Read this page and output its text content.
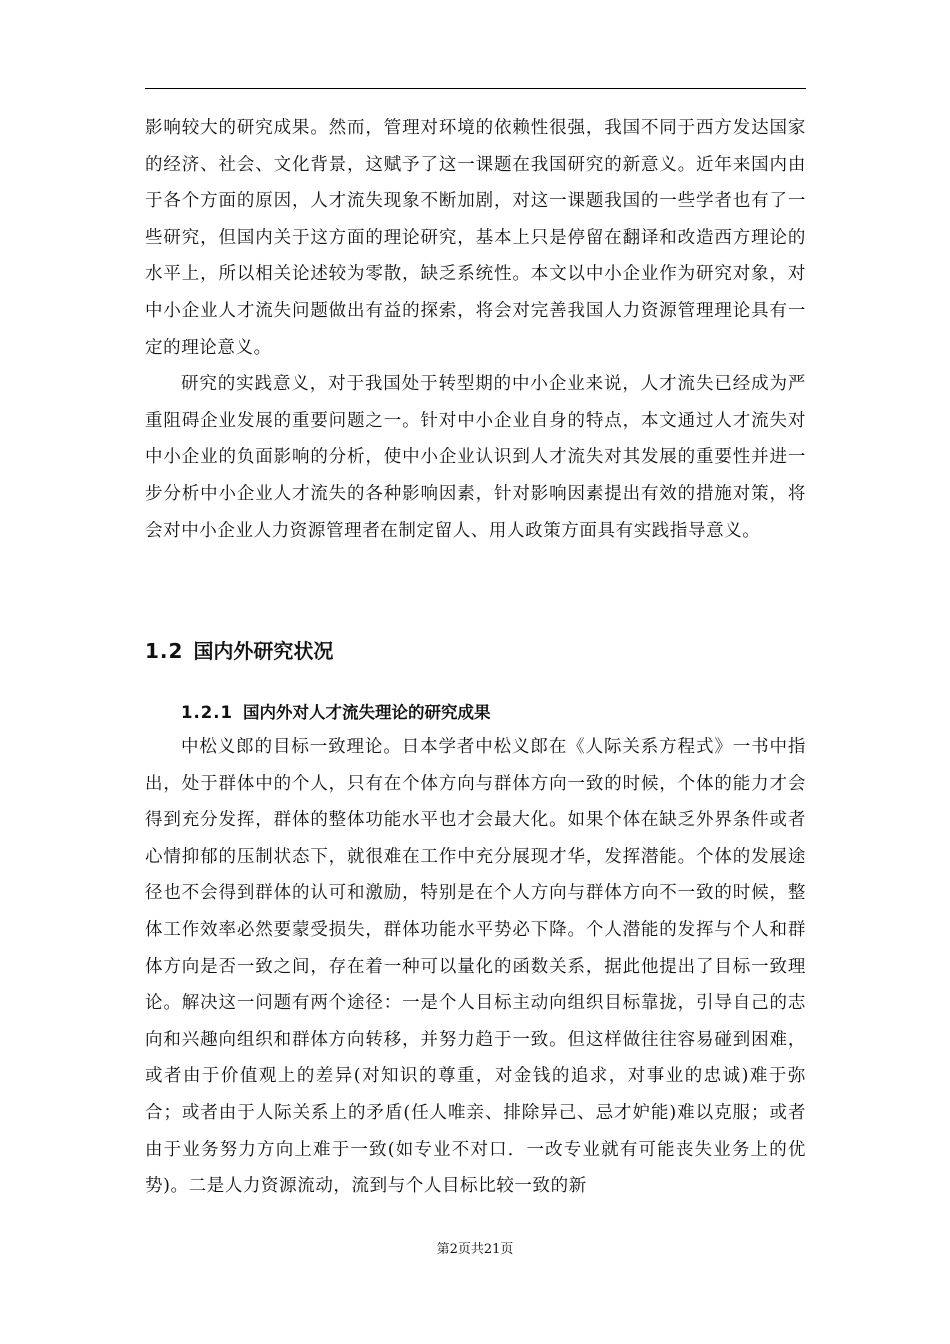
影响较大的研究成果。然而，管理对环境的依赖性很强，我国不同于西方发达国家的经济、社会、文化背景，这赋予了这一课题在我国研究的新意义。近年来国内由于各个方面的原因，人才流失现象不断加剧，对这一课题我国的一些学者也有了一些研究，但国内关于这方面的理论研究，基本上只是停留在翻译和改造西方理论的水平上，所以相关论述较为零散，缺乏系统性。本文以中小企业作为研究对象，对中小企业人才流失问题做出有益的探索，将会对完善我国人力资源管理理论具有一定的理论意义。

研究的实践意义，对于我国处于转型期的中小企业来说，人才流失已经成为严重阻碍企业发展的重要问题之一。针对中小企业自身的特点，本文通过人才流失对中小企业的负面影响的分析，使中小企业认识到人才流失对其发展的重要性并进一步分析中小企业人才流失的各种影响因素，针对影响因素提出有效的措施对策，将会对中小企业人力资源管理者在制定留人、用人政策方面具有实践指导意义。

1.2 国内外研究状况
1.2.1 国内外对人才流失理论的研究成果

中松义郎的目标一致理论。日本学者中松义郎在《人际关系方程式》一书中指出，处于群体中的个人，只有在个体方向与群体方向一致的时候，个体的能力才会得到充分发挥，群体的整体功能水平也才会最大化。如果个体在缺乏外界条件或者心情抑郁的压制状态下，就很难在工作中充分展现才华，发挥潜能。个体的发展途径也不会得到群体的认可和激励，特别是在个人方向与群体方向不一致的时候，整体工作效率必然要蒙受损失，群体功能水平势必下降。个人潜能的发挥与个人和群体方向是否一致之间，存在着一种可以量化的函数关系，据此他提出了目标一致理论。解决这一问题有两个途径：一是个人目标主动向组织目标靠拢，引导自己的志向和兴趣向组织和群体方向转移，并努力趋于一致。但这样做往往容易碰到困难，或者由于价值观上的差异(对知识的尊重，对金钱的追求，对事业的忠诚)难于弥合；或者由于人际关系上的矛盾(任人唯亲、排除异己、忌才妒能)难以克服；或者由于业务努力方向上难于一致(如专业不对口．一改专业就有可能丧失业务上的优势)。二是人力资源流动，流到与个人目标比较一致的新

第2页共21页
